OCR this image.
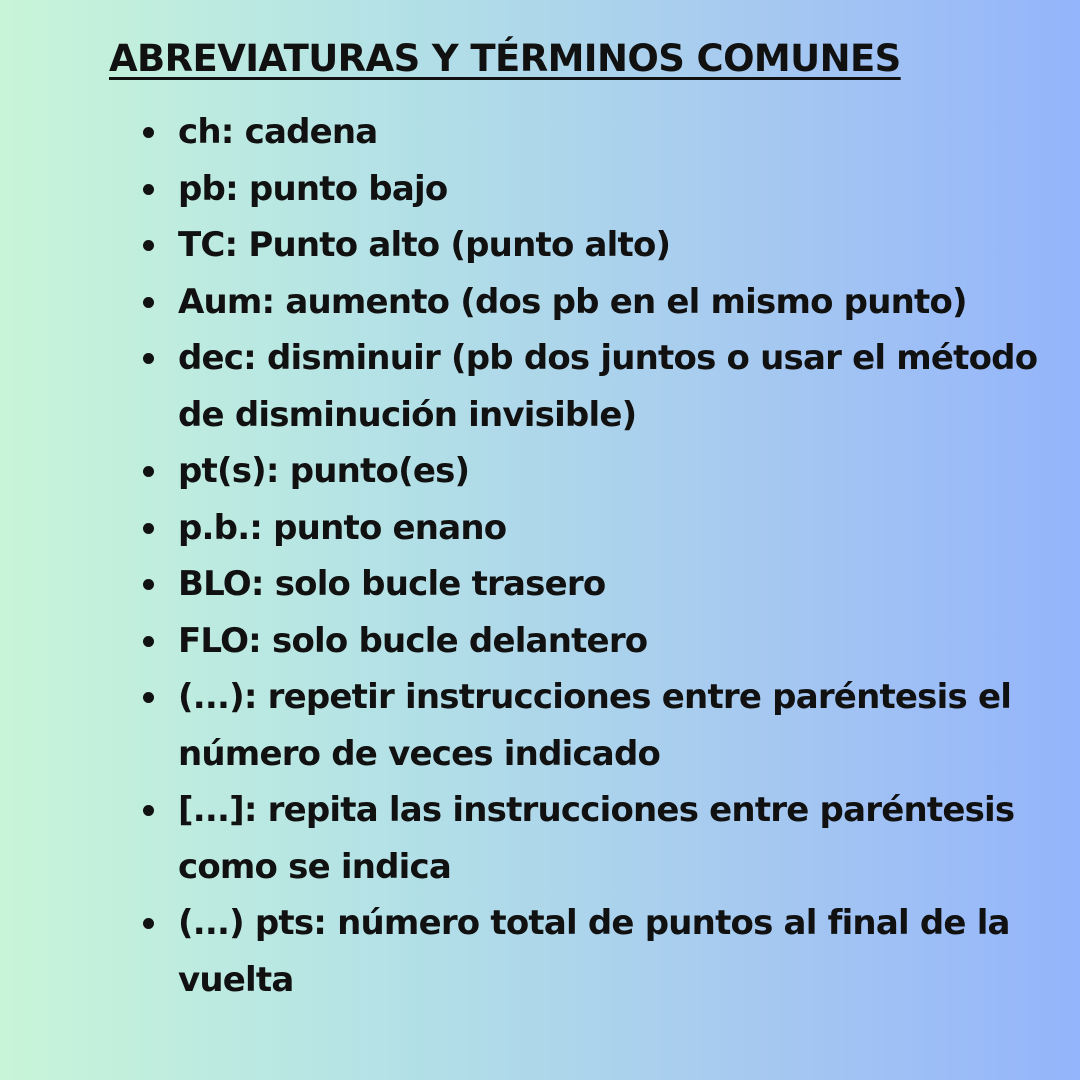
ABREVIATURAS Y TÉRMINOS COMUNES
ch: cadena
pb: punto bajo
TC: Punto alto (punto alto)
Aum: aumento (dos pb en el mismo punto)
dec: disminuir (pb dos juntos o usar el método de disminución invisible)
pt(s): punto(es)
p.b.: punto enano
BLO: solo bucle trasero
FLO: solo bucle delantero
(...): repetir instrucciones entre paréntesis el número de veces indicado
[...]: repita las instrucciones entre paréntesis como se indica
(...) pts: número total de puntos al final de la vuelta
